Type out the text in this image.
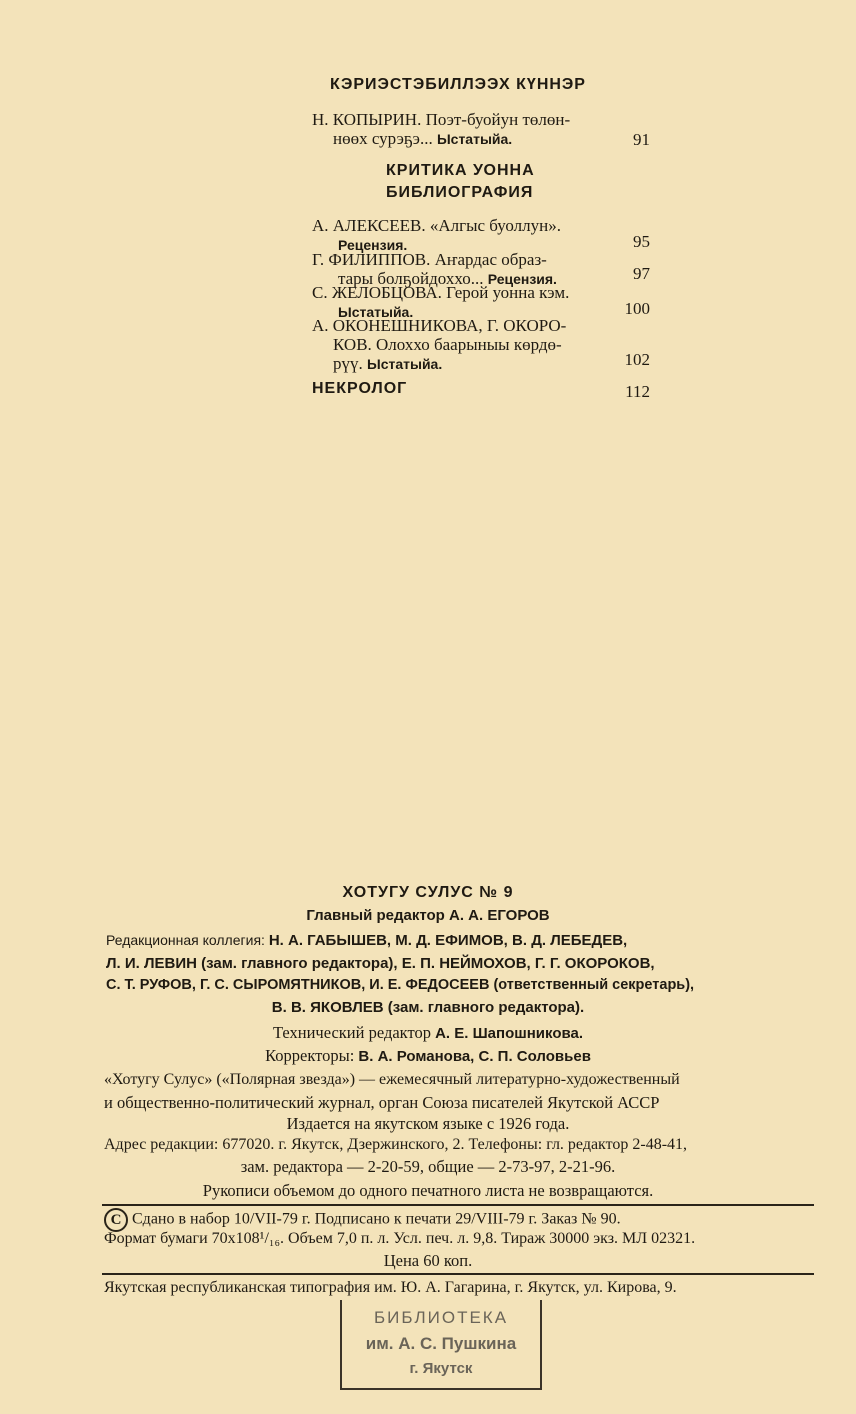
КЭРИЭСТЭБИЛЛЭЭХ КҮННЭР
Н. КОПЫРИН. Поэт-буойун төлөн-
нөөх сурэҕэ... Ыстатыйа.	91
КРИТИКА УОННА
БИБЛИОГРАФИЯ
А. АЛЕКСЕЕВ. «Алгыс буоллун».
Рецензия.	95
Г. ФИЛИППОВ. Аҥардас образ-
тары болҕойдоххо... Рецензия.	97
С. ЖЕЛОБЦОВА. Герой уонна кэм.
Ыстатыйа.	100
А. ОКОНЕШНИКОВА, Г. ОКОРО-
КОВ. Олоххо баарыныы көрдө-
рүү. Ыстатыйа.	102
НЕКРОЛОГ	112
ХОТУГУ СУЛУС № 9
Главный редактор А. А. ЕГОРОВ
Редакционная коллегия: Н. А. ГАБЫШЕВ, М. Д. ЕФИМОВ, В. Д. ЛЕБЕДЕВ,
Л. И. ЛЕВИН (зам. главного редактора), Е. П. НЕЙМОХОВ, Г. Г. ОКОРОКОВ,
С. Т. РУФОВ, Г. С. СЫРОМЯТНИКОВ, И. Е. ФЕДОСЕЕВ (ответственный секретарь),
В. В. ЯКОВЛЕВ (зам. главного редактора).
Технический редактор А. Е. Шапошникова.
Корректоры: В. А. Романова, С. П. Соловьев
«Хотугу Сулус» («Полярная звезда») — ежемесячный литературно-художественный
и общественно-политический журнал, орган Союза писателей Якутской АССР
Издается на якутском языке с 1926 года.
Адрес редакции: 677020. г. Якутск, Дзержинского, 2. Телефоны: гл. редактор 2-48-41,
зам. редактора — 2-20-59, общие — 2-73-97, 2-21-96.
Рукописи объемом до одного печатного листа не возвращаются.
C Сдано в набор 10/VII-79 г. Подписано к печати 29/VIII-79 г. Заказ № 90.
Формат бумаги 70х108¹/₁₆. Объем 7,0 п. л. Усл. печ. л. 9,8. Тираж 30000 экз. МЛ 02321.
Цена 60 коп.
Якутская республиканская типография им. Ю. А. Гагарина, г. Якутск, ул. Кирова, 9.
БИБЛИОТЕКА
им. А. С. Пушкина
г. Якутск
